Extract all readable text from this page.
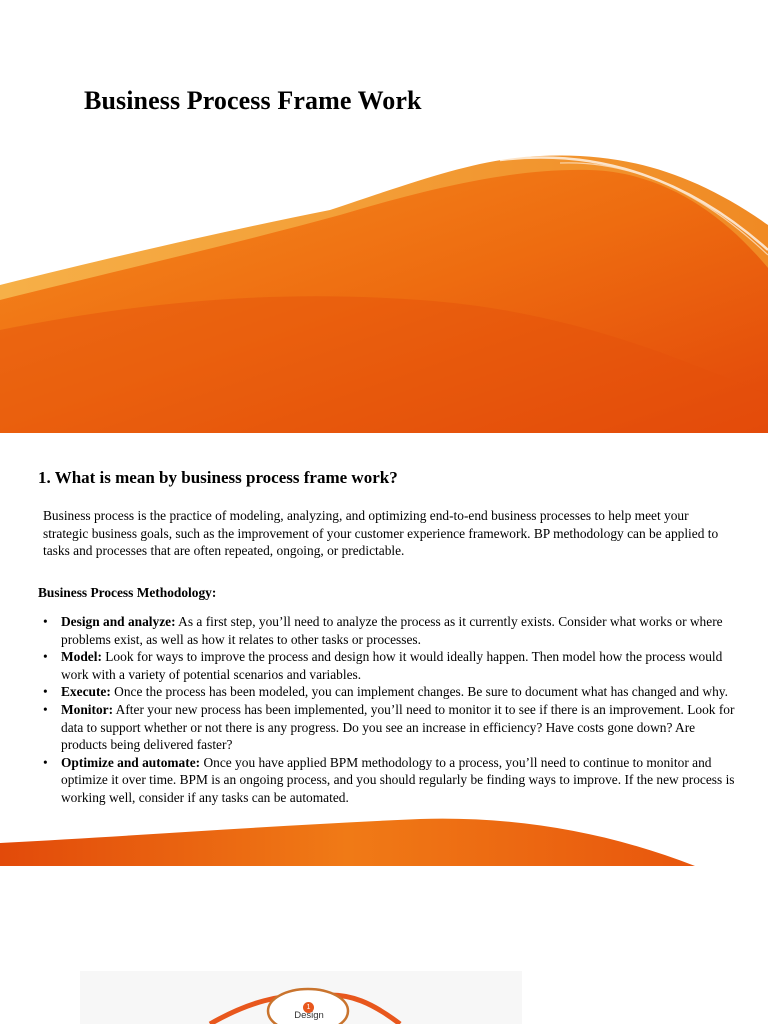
Business Process Frame Work
1. What is mean by business process frame work?

Business process is the practice of modeling, analyzing, and optimizing end-to-end business processes to help meet your strategic business goals, such as the improvement of your customer experience framework. BP methodology can be applied to tasks and processes that are often repeated, ongoing, or predictable.

Business Process Methodology:

• Design and analyze: As a first step, you’ll need to analyze the process as it currently exists. Consider what works or where problems exist, as well as how it relates to other tasks or processes.
• Model: Look for ways to improve the process and design how it would ideally happen. Then model how the process would work with a variety of potential scenarios and variables.
• Execute: Once the process has been modeled, you can implement changes. Be sure to document what has changed and why.
• Monitor: After your new process has been implemented, you’ll need to monitor it to see if there is an improvement. Look for data to support whether or not there is any progress. Do you see an increase in efficiency? Have costs gone down? Are products being delivered faster?
• Optimize and automate: Once you have applied BPM methodology to a process, you’ll need to continue to monitor and optimize it over time. BPM is an ongoing process, and you should regularly be finding ways to improve. If the new process is working well, consider if any tasks can be automated.
1
Design
